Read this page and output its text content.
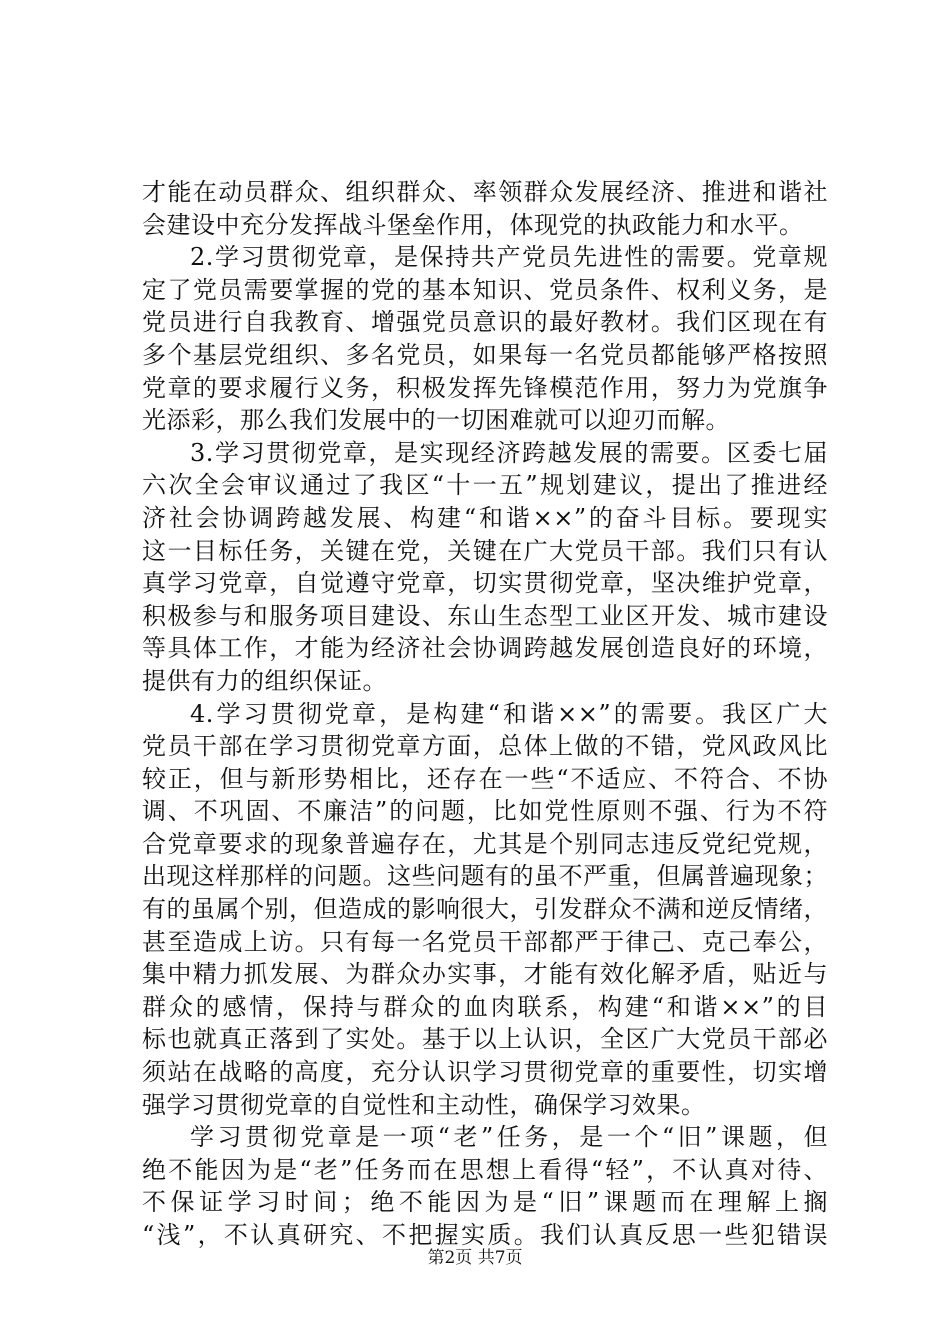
才能在动员群众、组织群众、率领群众发展经济、推进和谐社
会建设中充分发挥战斗堡垒作用，体现党的执政能力和水平。
2.学习贯彻党章，是保持共产党员先进性的需要。党章规
定了党员需要掌握的党的基本知识、党员条件、权利义务，是
党员进行自我教育、增强党员意识的最好教材。我们区现在有
多个基层党组织、多名党员，如果每一名党员都能够严格按照
党章的要求履行义务，积极发挥先锋模范作用，努力为党旗争
光添彩，那么我们发展中的一切困难就可以迎刃而解。
3.学习贯彻党章，是实现经济跨越发展的需要。区委七届
六次全会审议通过了我区“十一五”规划建议，提出了推进经
济社会协调跨越发展、构建“和谐××”的奋斗目标。要现实
这一目标任务，关键在党，关键在广大党员干部。我们只有认
真学习党章，自觉遵守党章，切实贯彻党章，坚决维护党章，
积极参与和服务项目建设、东山生态型工业区开发、城市建设
等具体工作，才能为经济社会协调跨越发展创造良好的环境，
提供有力的组织保证。
4.学习贯彻党章，是构建“和谐××”的需要。我区广大
党员干部在学习贯彻党章方面，总体上做的不错，党风政风比
较正，但与新形势相比，还存在一些“不适应、不符合、不协
调、不巩固、不廉洁”的问题，比如党性原则不强、行为不符
合党章要求的现象普遍存在，尤其是个别同志违反党纪党规，
出现这样那样的问题。这些问题有的虽不严重，但属普遍现象；
有的虽属个别，但造成的影响很大，引发群众不满和逆反情绪，
甚至造成上访。只有每一名党员干部都严于律己、克己奉公，
集中精力抓发展、为群众办实事，才能有效化解矛盾，贴近与
群众的感情，保持与群众的血肉联系，构建“和谐××”的目
标也就真正落到了实处。基于以上认识，全区广大党员干部必
须站在战略的高度，充分认识学习贯彻党章的重要性，切实增
强学习贯彻党章的自觉性和主动性，确保学习效果。
学习贯彻党章是一项“老”任务，是一个“旧”课题，但
绝不能因为是“老”任务而在思想上看得“轻”，不认真对待、
不保证学习时间；绝不能因为是“旧”课题而在理解上搁
“浅”，不认真研究、不把握实质。我们认真反思一些犯错误
第2页 共7页
